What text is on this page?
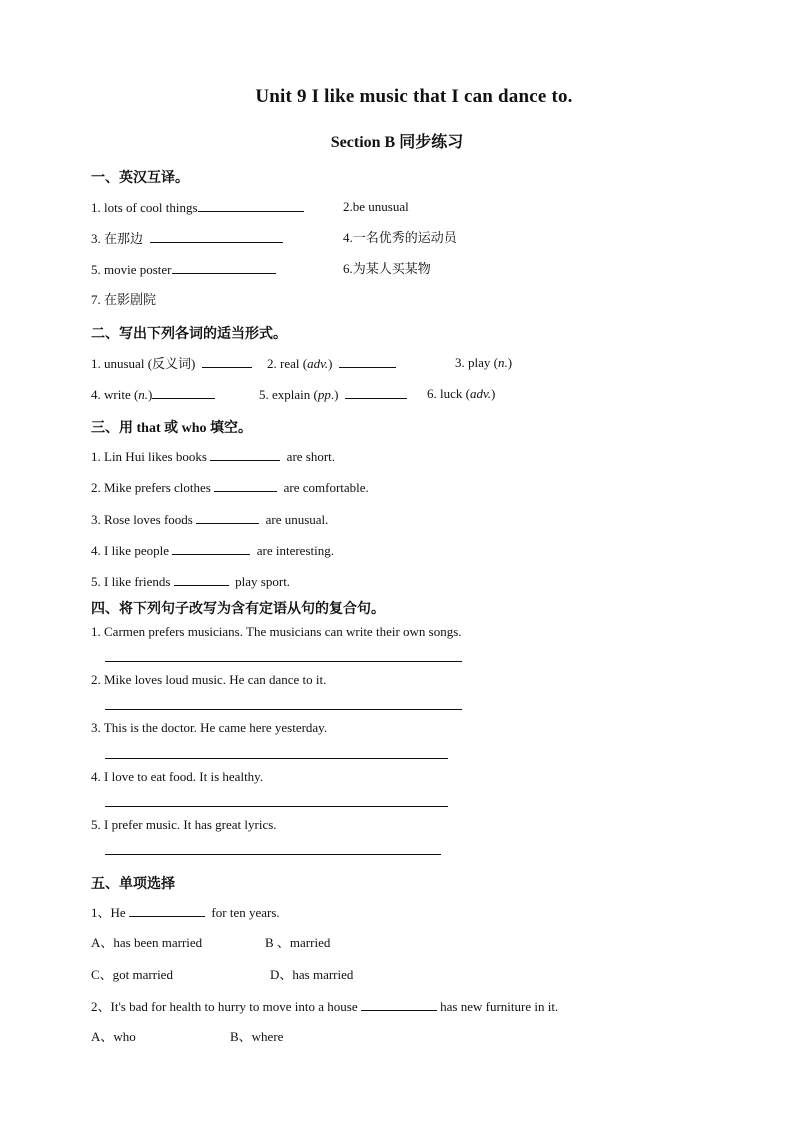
Unit 9 I like music that I can dance to.
Section B 同步练习
一、英汉互译。
1. lots of cool things	2.be unusual
3. 在那边	4.一名优秀的运动员
5. movie poster	6.为某人买某物
7. 在影剧院
二、写出下列各词的适当形式。
1. unusual (反义词)	2. real (adv.)	3. play (n.)
4. write (n.)	5. explain (pp.)	6. luck (adv.)
三、用 that 或 who 填空。
1. Lin Hui likes books	are short.
2. Mike prefers clothes	are comfortable.
3. Rose loves foods	are unusual.
4. I like people	are interesting.
5. I like friends	play sport.
四、将下列句子改写为含有定语从句的复合句。
1. Carmen prefers musicians. The musicians can write their own songs.
2. Mike loves loud music. He can dance to it.
3. This is the doctor. He came here yesterday.
4. I love to eat food. It is healthy.
5. I prefer music. It has great lyrics.
五、单项选择
1、He	for ten years.
A、has been married	B 、married
C、got married	D、has married
2、It's bad for health to hurry to move into a house	has new furniture in it.
A、who	B、where
